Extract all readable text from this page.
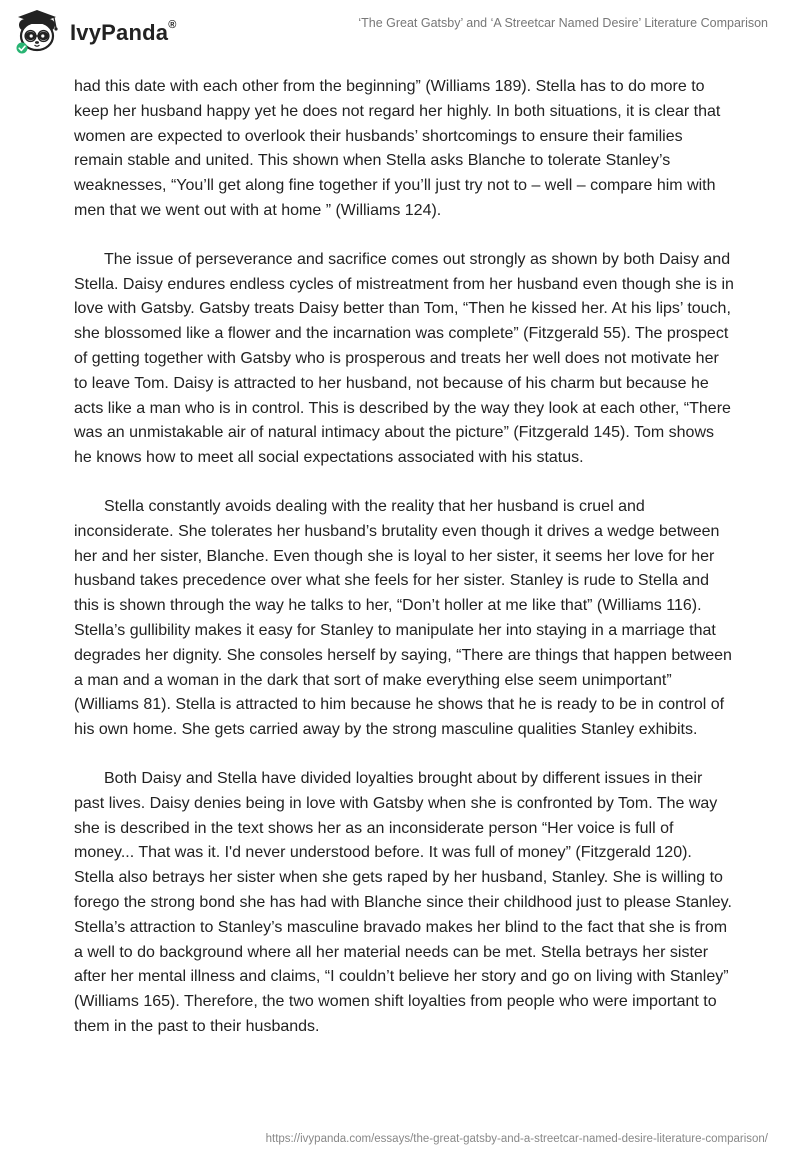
IvyPanda®	‘The Great Gatsby’ and ‘A Streetcar Named Desire’ Literature Comparison

had this date with each other from the beginning” (Williams 189). Stella has to do more to keep her husband happy yet he does not regard her highly. In both situations, it is clear that women are expected to overlook their husbands’ shortcomings to ensure their families remain stable and united. This shown when Stella asks Blanche to tolerate Stanley’s weaknesses, “You’ll get along fine together if you’ll just try not to – well – compare him with men that we went out with at home ” (Williams 124).

The issue of perseverance and sacrifice comes out strongly as shown by both Daisy and Stella. Daisy endures endless cycles of mistreatment from her husband even though she is in love with Gatsby. Gatsby treats Daisy better than Tom, “Then he kissed her. At his lips’ touch, she blossomed like a flower and the incarnation was complete” (Fitzgerald 55). The prospect of getting together with Gatsby who is prosperous and treats her well does not motivate her to leave Tom. Daisy is attracted to her husband, not because of his charm but because he acts like a man who is in control. This is described by the way they look at each other, “There was an unmistakable air of natural intimacy about the picture” (Fitzgerald 145). Tom shows he knows how to meet all social expectations associated with his status.

Stella constantly avoids dealing with the reality that her husband is cruel and inconsiderate. She tolerates her husband’s brutality even though it drives a wedge between her and her sister, Blanche. Even though she is loyal to her sister, it seems her love for her husband takes precedence over what she feels for her sister. Stanley is rude to Stella and this is shown through the way he talks to her, “Don’t holler at me like that” (Williams 116). Stella’s gullibility makes it easy for Stanley to manipulate her into staying in a marriage that degrades her dignity. She consoles herself by saying, “There are things that happen between a man and a woman in the dark that sort of make everything else seem unimportant” (Williams 81). Stella is attracted to him because he shows that he is ready to be in control of his own home. She gets carried away by the strong masculine qualities Stanley exhibits.

Both Daisy and Stella have divided loyalties brought about by different issues in their past lives. Daisy denies being in love with Gatsby when she is confronted by Tom. The way she is described in the text shows her as an inconsiderate person “Her voice is full of money... That was it. I'd never understood before. It was full of money” (Fitzgerald 120). Stella also betrays her sister when she gets raped by her husband, Stanley. She is willing to forego the strong bond she has had with Blanche since their childhood just to please Stanley. Stella’s attraction to Stanley’s masculine bravado makes her blind to the fact that she is from a well to do background where all her material needs can be met. Stella betrays her sister after her mental illness and claims, “I couldn’t believe her story and go on living with Stanley” (Williams 165). Therefore, the two women shift loyalties from people who were important to them in the past to their husbands.

https://ivypanda.com/essays/the-great-gatsby-and-a-streetcar-named-desire-literature-comparison/
